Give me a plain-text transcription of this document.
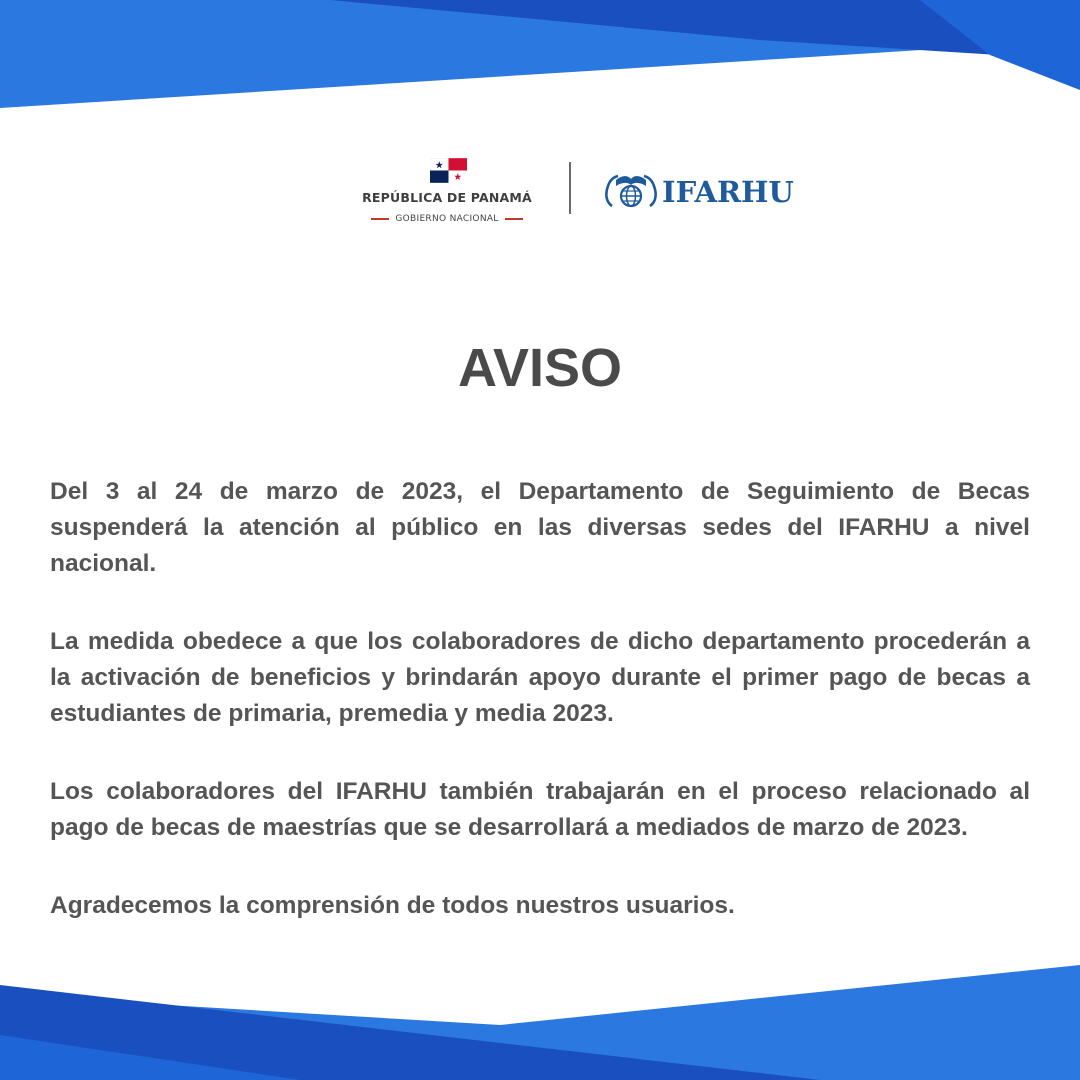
REPÚBLICA DE PANAMÁ
GOBIERNO NACIONAL
IFARHU
AVISO

Del 3 al 24 de marzo de 2023, el Departamento de Seguimiento de Becas suspenderá la atención al público en las diversas sedes del IFARHU a nivel nacional.

La medida obedece a que los colaboradores de dicho departamento procederán a la activación de beneficios y brindarán apoyo durante el primer pago de becas a estudiantes de primaria, premedia y media 2023.

Los colaboradores del IFARHU también trabajarán en el proceso relacionado al pago de becas de maestrías que se desarrollará a mediados de marzo de 2023.

Agradecemos la comprensión de todos nuestros usuarios.
